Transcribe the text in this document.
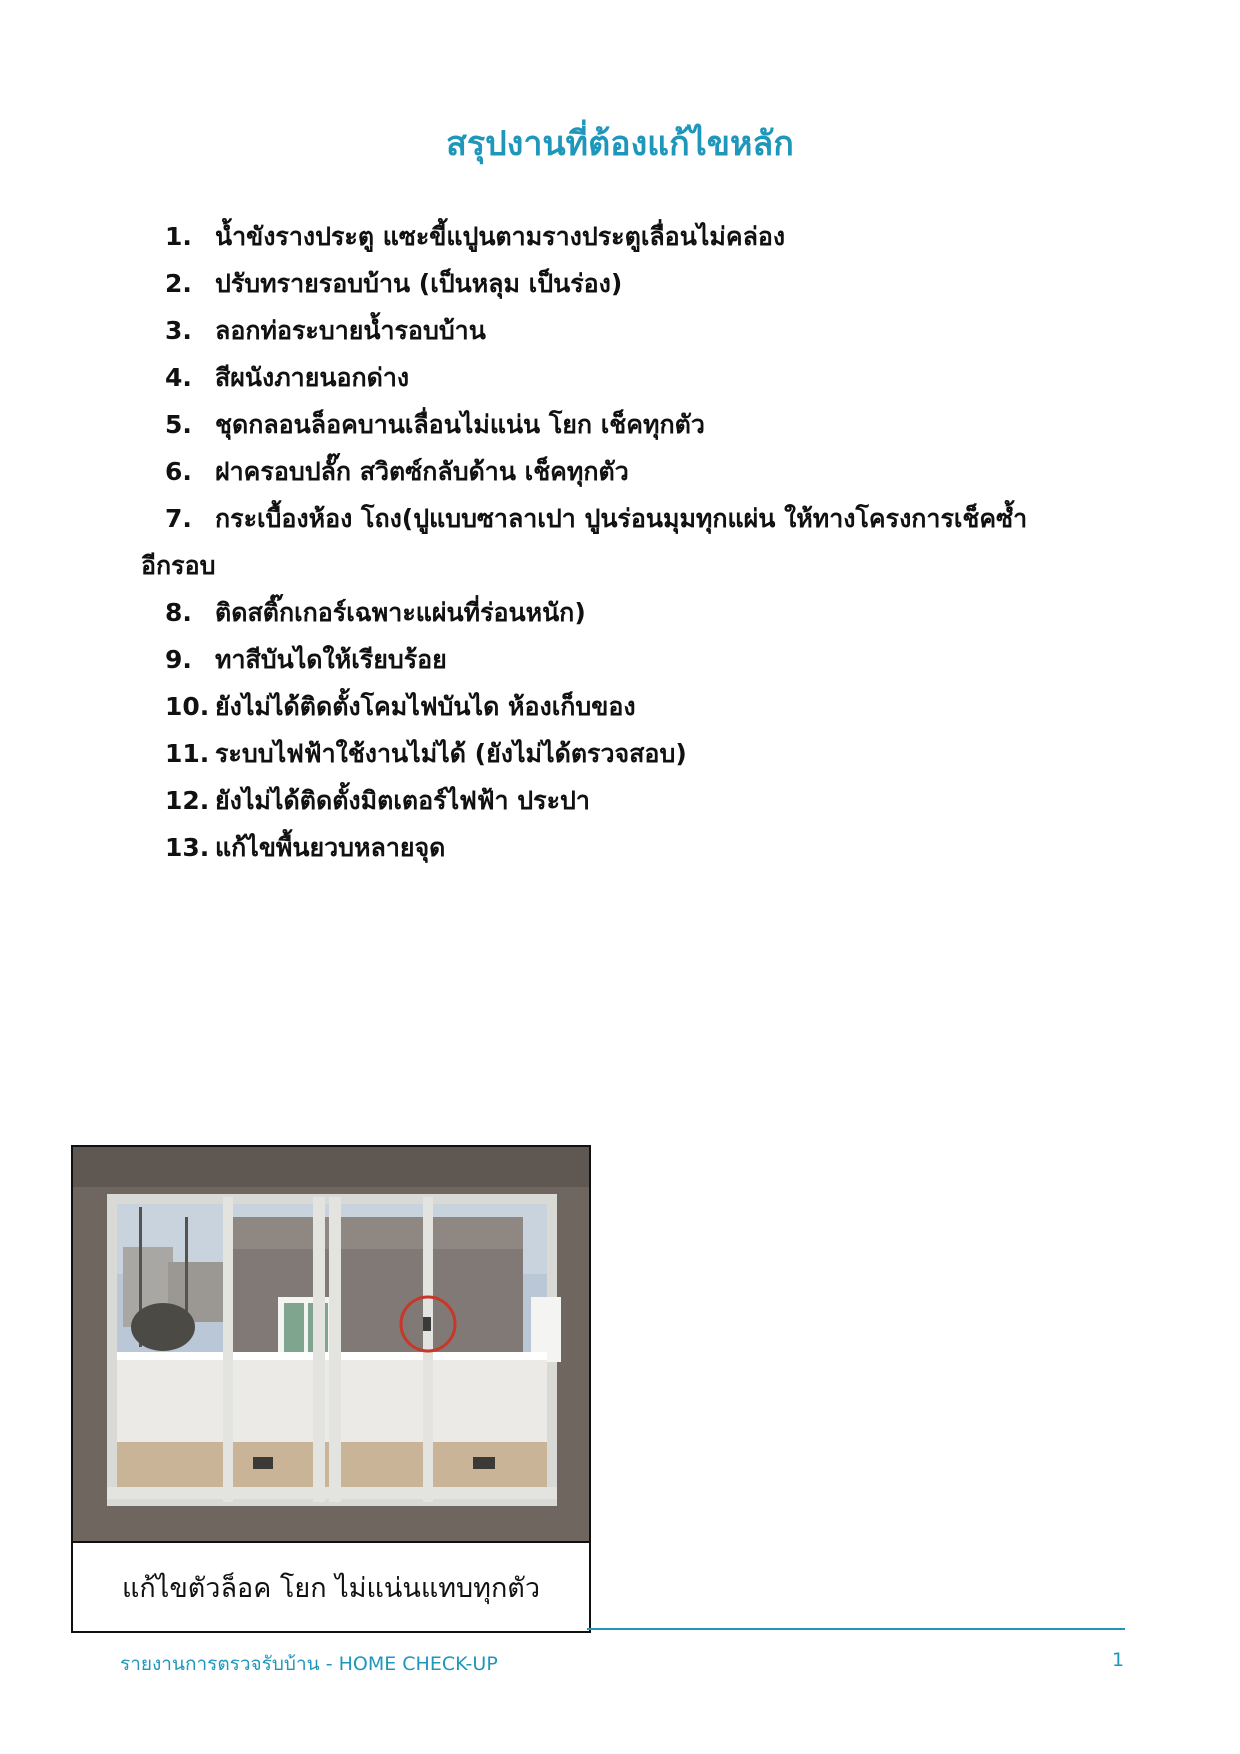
สรุปงานที่ต้องแก้ไขหลัก
1. น้ำขังรางประตู แซะขี้แปูนตามรางประตูเลื่อนไม่คล่อง
2. ปรับทรายรอบบ้าน (เป็นหลุม เป็นร่อง)
3. ลอกท่อระบายน้ำรอบบ้าน
4. สีผนังภายนอกด่าง
5. ชุดกลอนล็อคบานเลื่อนไม่แน่น โยก เช็คทุกตัว
6. ฝาครอบปลั๊ก สวิตซ์กลับด้าน เช็คทุกตัว
7. กระเบื้องห้อง โถง(ปูแบบซาลาเปา ปูนร่อนมุมทุกแผ่น ให้ทางโครงการเช็คซ้ำ
อีกรอบ
8. ติดสติ๊กเกอร์เฉพาะแผ่นที่ร่อนหนัก)
9. ทาสีบันไดให้เรียบร้อย
10. ยังไม่ได้ติดตั้งโคมไฟบันได ห้องเก็บของ
11. ระบบไฟฟ้าใช้งานไม่ได้ (ยังไม่ได้ตรวจสอบ)
12. ยังไม่ได้ติดตั้งมิตเตอร์ไฟฟ้า ประปา
13. แก้ไขพื้นยวบหลายจุด
แก้ไขตัวล็อค โยก ไม่แน่นแทบทุกตัว
รายงานการตรวจรับบ้าน - HOME CHECK-UP	1
